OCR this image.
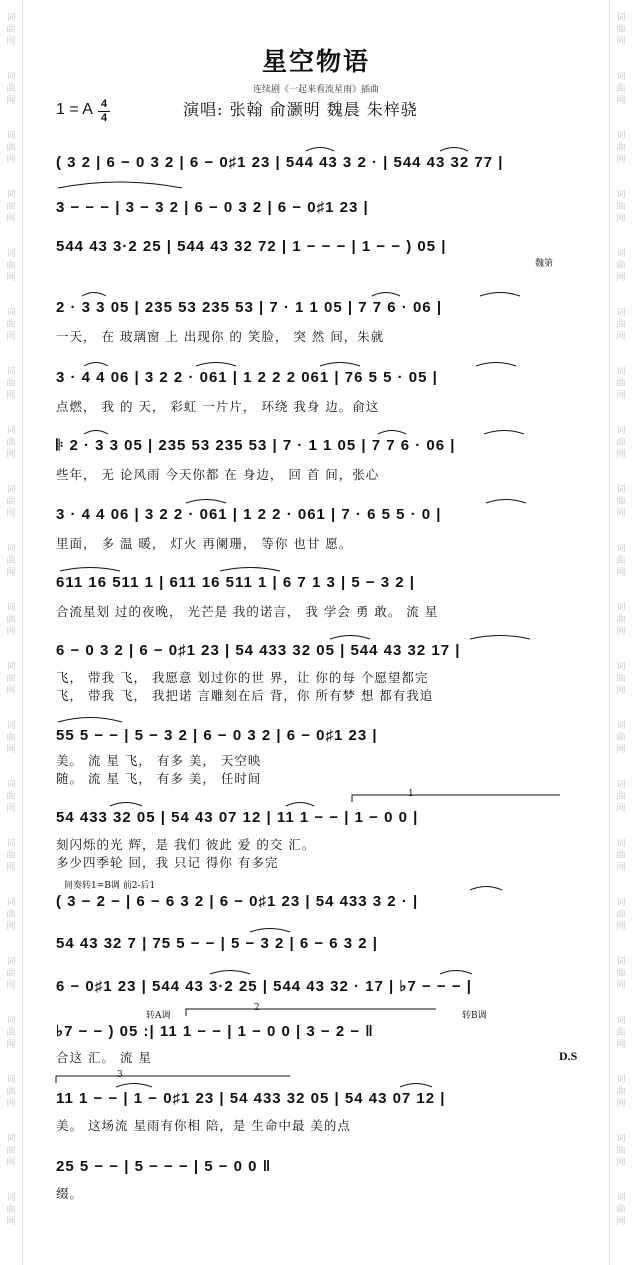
词
曲
网
词
曲
网
词
曲
网
词
曲
网
词
曲
网
词
曲
网
词
曲
网
词
曲
网
词
曲
网
词
曲
网
词
曲
网
词
曲
网
词
曲
网
词
曲
网
词
曲
网
词
曲
网
词
曲
网
词
曲
网
词
曲
网
词
曲
网
词
曲
网
词
曲
网
词
曲
网
词
曲
网
词
曲
网
词
曲
网
词
曲
网
词
曲
网
词
曲
网
词
曲
网
词
曲
网
词
曲
网
词
曲
网
词
曲
网
词
曲
网
词
曲
网
词
曲
网
词
曲
网
词
曲
网
词
曲
网
词
曲
网
词
曲
网
星空物语
连续剧《一起来看流星雨》插曲
1 = A 4
4	演唱: 张翰 俞灏明 魏晨 朱梓骁
( 3 2 | 6 − 0 3 2 | 6 − 0♯1 23 | 544 43 3 2 · | 544 43 32 77 |
3 − − − | 3 − 3 2 | 6 − 0 3 2 | 6 − 0♯1 23 |
544 43 3·2 25 | 544 43 32 72 | 1 − − − | 1 − − ) 05 |
魏第
2 · 3 3 05 | 235 53 235 53 | 7 · 1 1 05 | 7 7 6 · 06 |
一天， 在 玻璃窗 上 出现你 的 笑脸， 突 然 间，朱就
3 · 4 4 06 | 3 2 2 · 061 | 1 2 2 2 061 | 76 5 5 · 05 |
点燃， 我 的 天， 彩虹 一片片， 环绕 我身 边。俞这
𝄆 2 · 3 3 05 | 235 53 235 53 | 7 · 1 1 05 | 7 7 6 · 06 |
些年， 无 论风雨 今天你都 在 身边， 回 首 间，张心
3 · 4 4 06 | 3 2 2 · 061 | 1 2 2 · 061 | 7 · 6 5 5 · 0 |
里面， 多 温 暖， 灯火 再阑珊， 等你 也甘 愿。
611 16 511 1 | 611 16 511 1 | 6 7 1 3 | 5 − 3 2 |
合流星划 过的夜晚， 光芒是 我的诺言， 我 学会 勇 敢。 流 星
6 − 0 3 2 | 6 − 0♯1 23 | 54 433 32 05 | 544 43 32 17 |
飞， 带我 飞， 我愿意 划过你的世 界，让 你的每 个愿望都完
飞， 带我 飞， 我把诺 言雕刻在后 背，你 所有梦 想 都有我追
55 5 − − | 5 − 3 2 | 6 − 0 3 2 | 6 − 0♯1 23 |
美。 流 星 飞， 有多 美， 天空映
随。 流 星 飞， 有多 美， 任时间
1
54 433 32 05 | 54 43 07 12 | 11 1 − − | 1 − 0 0 |
刻闪烁的光 辉，是 我们 彼此 爱 的交 汇。
多少四季轮 回，我 只记 得你 有多完
间奏转1=B调 前2-后1
( 3 − 2 − | 6 − 6 3 2 | 6 − 0♯1 23 | 54 433 3 2 · |
54 43 32 7 | 75 5 − − | 5 − 3 2 | 6 − 6 3 2 |
6 − 0♯1 23 | 544 43 3·2 25 | 544 43 32 · 17 | ♭7 − − − |
转A调	转B调
2
♭7 − − ) 05 :| 11 1 − − | 1 − 0 0 | 3 − 2 − ‖
合这 汇。 流 星	D.S
3
11 1 − − | 1 − 0♯1 23 | 54 433 32 05 | 54 43 07 12 |
美。 这场流 星雨有你相 陪，是 生命中最 美的点
25 5 − − | 5 − − − | 5 − 0 0 ‖
缀。
